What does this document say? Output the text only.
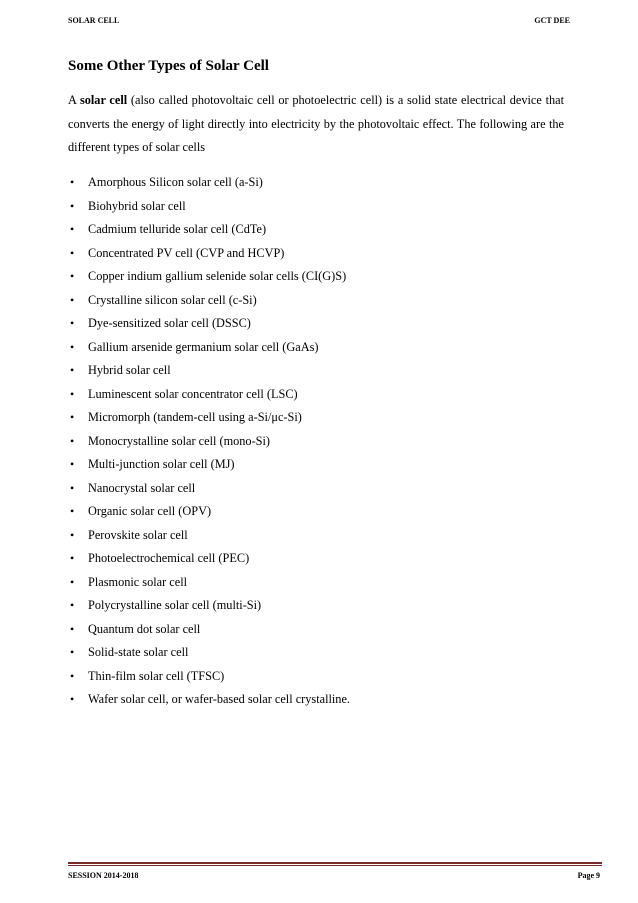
SOLAR CELL	GCT DEE
Some Other Types of Solar Cell

A solar cell (also called photovoltaic cell or photoelectric cell) is a solid state electrical device that converts the energy of light directly into electricity by the photovoltaic effect. The following are the different types of solar cells

• Amorphous Silicon solar cell (a-Si)
• Biohybrid solar cell
• Cadmium telluride solar cell (CdTe)
• Concentrated PV cell (CVP and HCVP)
• Copper indium gallium selenide solar cells (CI(G)S)
• Crystalline silicon solar cell (c-Si)
• Dye-sensitized solar cell (DSSC)
• Gallium arsenide germanium solar cell (GaAs)
• Hybrid solar cell
• Luminescent solar concentrator cell (LSC)
• Micromorph (tandem-cell using a-Si/μc-Si)
• Monocrystalline solar cell (mono-Si)
• Multi-junction solar cell (MJ)
• Nanocrystal solar cell
• Organic solar cell (OPV)
• Perovskite solar cell
• Photoelectrochemical cell (PEC)
• Plasmonic solar cell
• Polycrystalline solar cell (multi-Si)
• Quantum dot solar cell
• Solid-state solar cell
• Thin-film solar cell (TFSC)
• Wafer solar cell, or wafer-based solar cell crystalline.
SESSION 2014-2018	Page 9
